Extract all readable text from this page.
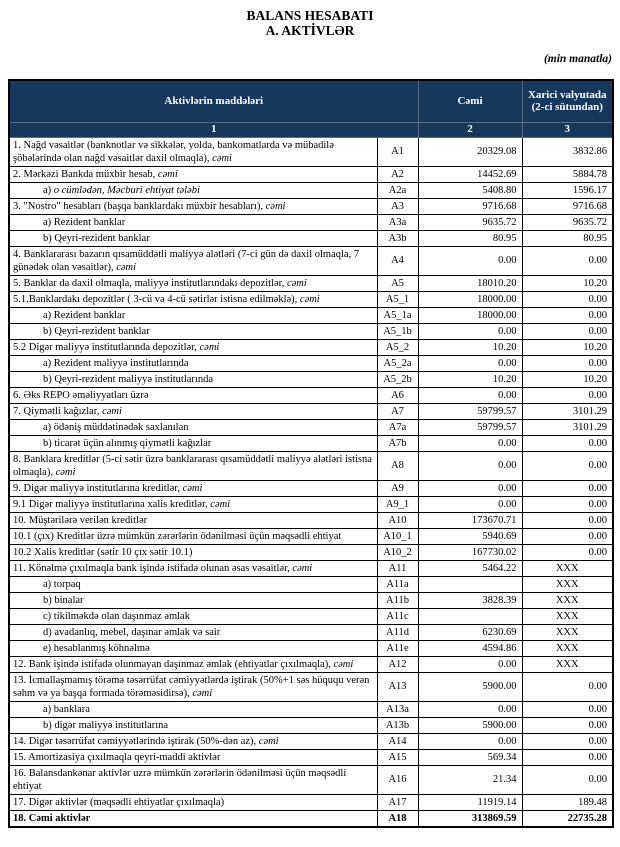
BALANS HESABATI
A. AKTİVLƏR
(min manatla)
Aktivlərin maddələri		Cəmi	Xarici valyutada (2-ci sütundan)
1		2	3
1. Nağd vəsaitlər (banknotlar və sikkələr, yolda, bankomatlarda və mübadilə şöbələrində olan nağd vəsaitlər daxil olmaqla), cəmi	A1	20329.08	3832.86
2. Mərkəzi Bankda müxbir hesab, cəmi	A2	14452.69	5884.78
a) o cümlədən, Məcburi ehtiyat tələbi	A2a	5408.80	1596.17
3. "Nostro" hesabları (başqa banklardakı müxbir hesabları), cəmi	A3	9716.68	9716.68
a) Rezident banklar	A3a	9635.72	9635.72
b) Qeyri-rezident banklar	A3b	80.95	80.95
4. Banklararası bazarın qısamüddətli maliyyə alətləri (7-ci gün də daxil olmaqla, 7 günədək olan vəsaitlər), cəmi	A4	0.00	0.00
5. Banklar da daxil olmaqla, maliyyə institutlarındakı depozitlər, cəmi	A5	18010.20	10.20
5.1.Banklardakı depozitlər ( 3-cü və 4-cü sətirlər istisna edilməklə), cəmi	A5_1	18000.00	0.00
a) Rezident banklar	A5_1a	18000.00	0.00
b) Qeyri-rezident banklar	A5_1b	0.00	0.00
5.2 Digər maliyyə institutlarında depozitlər, cəmi	A5_2	10.20	10.20
a) Rezident maliyyə institutlarında	A5_2a	0.00	0.00
b) Qeyri-rezident maliyyə institutlarında	A5_2b	10.20	10.20
6. Əks REPO əməliyyatları üzrə	A6	0.00	0.00
7. Qiymətli kağızlar, cəmi	A7	59799.57	3101.29
a) ödəniş müddətinədək saxlanılan	A7a	59799.57	3101.29
b) ticarət üçün alınmış qiymətli kağızlar	A7b	0.00	0.00
8. Banklara kreditlər (5-ci sətir üzrə banklararası qısamüddətli maliyyə alətləri istisna olmaqla), cəmi	A8	0.00	0.00
9. Digər maliyyə institutlarına kreditlər, cəmi	A9	0.00	0.00
9.1 Digər maliyyə institutlarına xalis kreditlər, cəmi	A9_1	0.00	0.00
10. Müştərilərə verilən kreditlər	A10	173670.71	0.00
10.1 (çıx) Kreditlər üzrə mümkün zərərlərin ödənilməsi üçün məqsədli ehtiyat	A10_1	5940.69	0.00
10.2 Xalis kreditlər (sətir 10 çıx sətir 10.1)	A10_2	167730.02	0.00
11. Könəlmə çıxılmaqla bank işində istifadə olunan əsas vəsaitlər, cəmi	A11	5464.22	XXX
a) torpaq	A11a		XXX
b) binalar	A11b	3828.39	XXX
c) tikilməkdə olan daşınmaz əmlak	A11c		XXX
d) avadanlıq, mebel, daşınar əmlak və sair	A11d	6230.69	XXX
e) hesablanmış köhnəlmə	A11e	4594.86	XXX
12. Bank işində istifadə olunmayan daşınmaz əmlak (ehtiyatlar çıxılmaqla), cəmi	A12	0.00	XXX
13. İcmallaşmamış törəmə təsərrüfat cəmiyyətlərdə iştirak (50%+1 səs hüququ verən səhm və ya başqa formada törəməsidirsə), cəmi	A13	5900.00	0.00
a) banklara	A13a	0.00	0.00
b) digər maliyyə institutlarına	A13b	5900.00	0.00
14. Digər təsərrüfat cəmiyyətlərində iştirak (50%-dən az), cəmi	A14	0.00	0.00
15. Amortizasiya çıxılmaqla qeyri-maddi aktivlər	A15	569.34	0.00
16. Balansdankənar aktivlər uzrə mümkün zərərlərin ödənilməsi üçün məqsədli ehtiyat	A16	21.34	0.00
17. Digər aktivlər (məqsədli ehtiyatlar çıxılmaqla)	A17	11919.14	189.48
18. Cəmi aktivlər	A18	313869.59	22735.28
